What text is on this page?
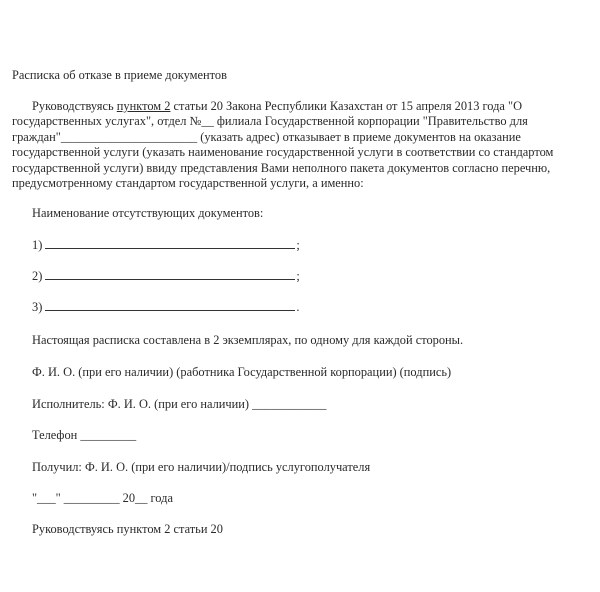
Расписка об отказе в приеме документов
Руководствуясь пунктом 2 статьи 20 Закона Республики Казахстан от 15 апреля 2013 года "О
государственных услугах", отдел №__ филиала Государственной корпорации "Правительство для
граждан"______________________ (указать адрес) отказывает в приеме документов на оказание
государственной услуги (указать наименование государственной услуги в соответствии со стандартом
государственной услуги) ввиду представления Вами неполного пакета документов согласно перечню,
предусмотренному стандартом государственной услуги, а именно:
Наименование отсутствующих документов:
1)	;
2)	;
3)	.
Настоящая расписка составлена в 2 экземплярах, по одному для каждой стороны.
Ф. И. О. (при его наличии) (работника Государственной корпорации) (подпись)
Исполнитель: Ф. И. О. (при его наличии) ____________
Телефон _________
Получил: Ф. И. О. (при его наличии)/подпись услугополучателя
"___" _________ 20__ года
Руководствуясь пунктом 2 статьи 20
